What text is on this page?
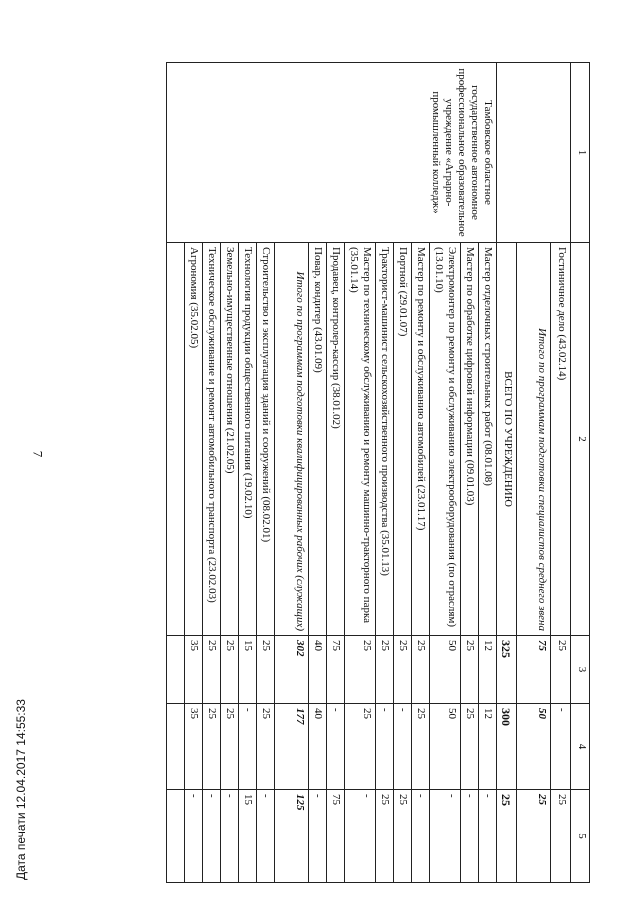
7
1	2	3	4	5
	Гостиничное дело (43.02.14)	25	-	25
	Итого по программам подготовки специалистов среднего звена	75	50	25
	ВСЕГО ПО УЧРЕЖДЕНИЮ	325	300	25
Тамбовское областное государственное автономное профессиональное образовательное учреждение «Аграрно-промышленный колледж»	Мастер отделочных строительных работ (08.01.08)	12	12	-
	Мастер по обработке цифровой информации (09.01.03)	25	25	-
	Электромонтер по ремонту и обслуживанию электрооборудования (по отраслям) (13.01.10)	50	50	-
	Мастер по ремонту и обслуживанию автомобилей (23.01.17)	25	25	-
	Портной (29.01.07)	25	-	25
	Тракторист-машинист сельскохозяйственного производства (35.01.13)	25	-	25
	Мастер по техническому обслуживанию и ремонту машинно-тракторного парка (35.01.14)	25	25	-
	Продавец, контролер-кассир (38.01.02)	75	-	75
	Повар, кондитер (43.01.09)	40	40	-
	Итого по программам подготовки квалифицированных рабочих (служащих)	302	177	125
	Строительство и эксплуатация зданий и сооружений (08.02.01)	25	25	-
	Технология продукции общественного питания (19.02.10)	15	-	15
	Земельно-имущественные отношения (21.02.05)	25	25	-
	Техническое обслуживание и ремонт автомобильного транспорта (23.02.03)	25	25	-
	Агрономия (35.02.05)	35	35	-

Дата печати 12.04.2017 14:55:33
